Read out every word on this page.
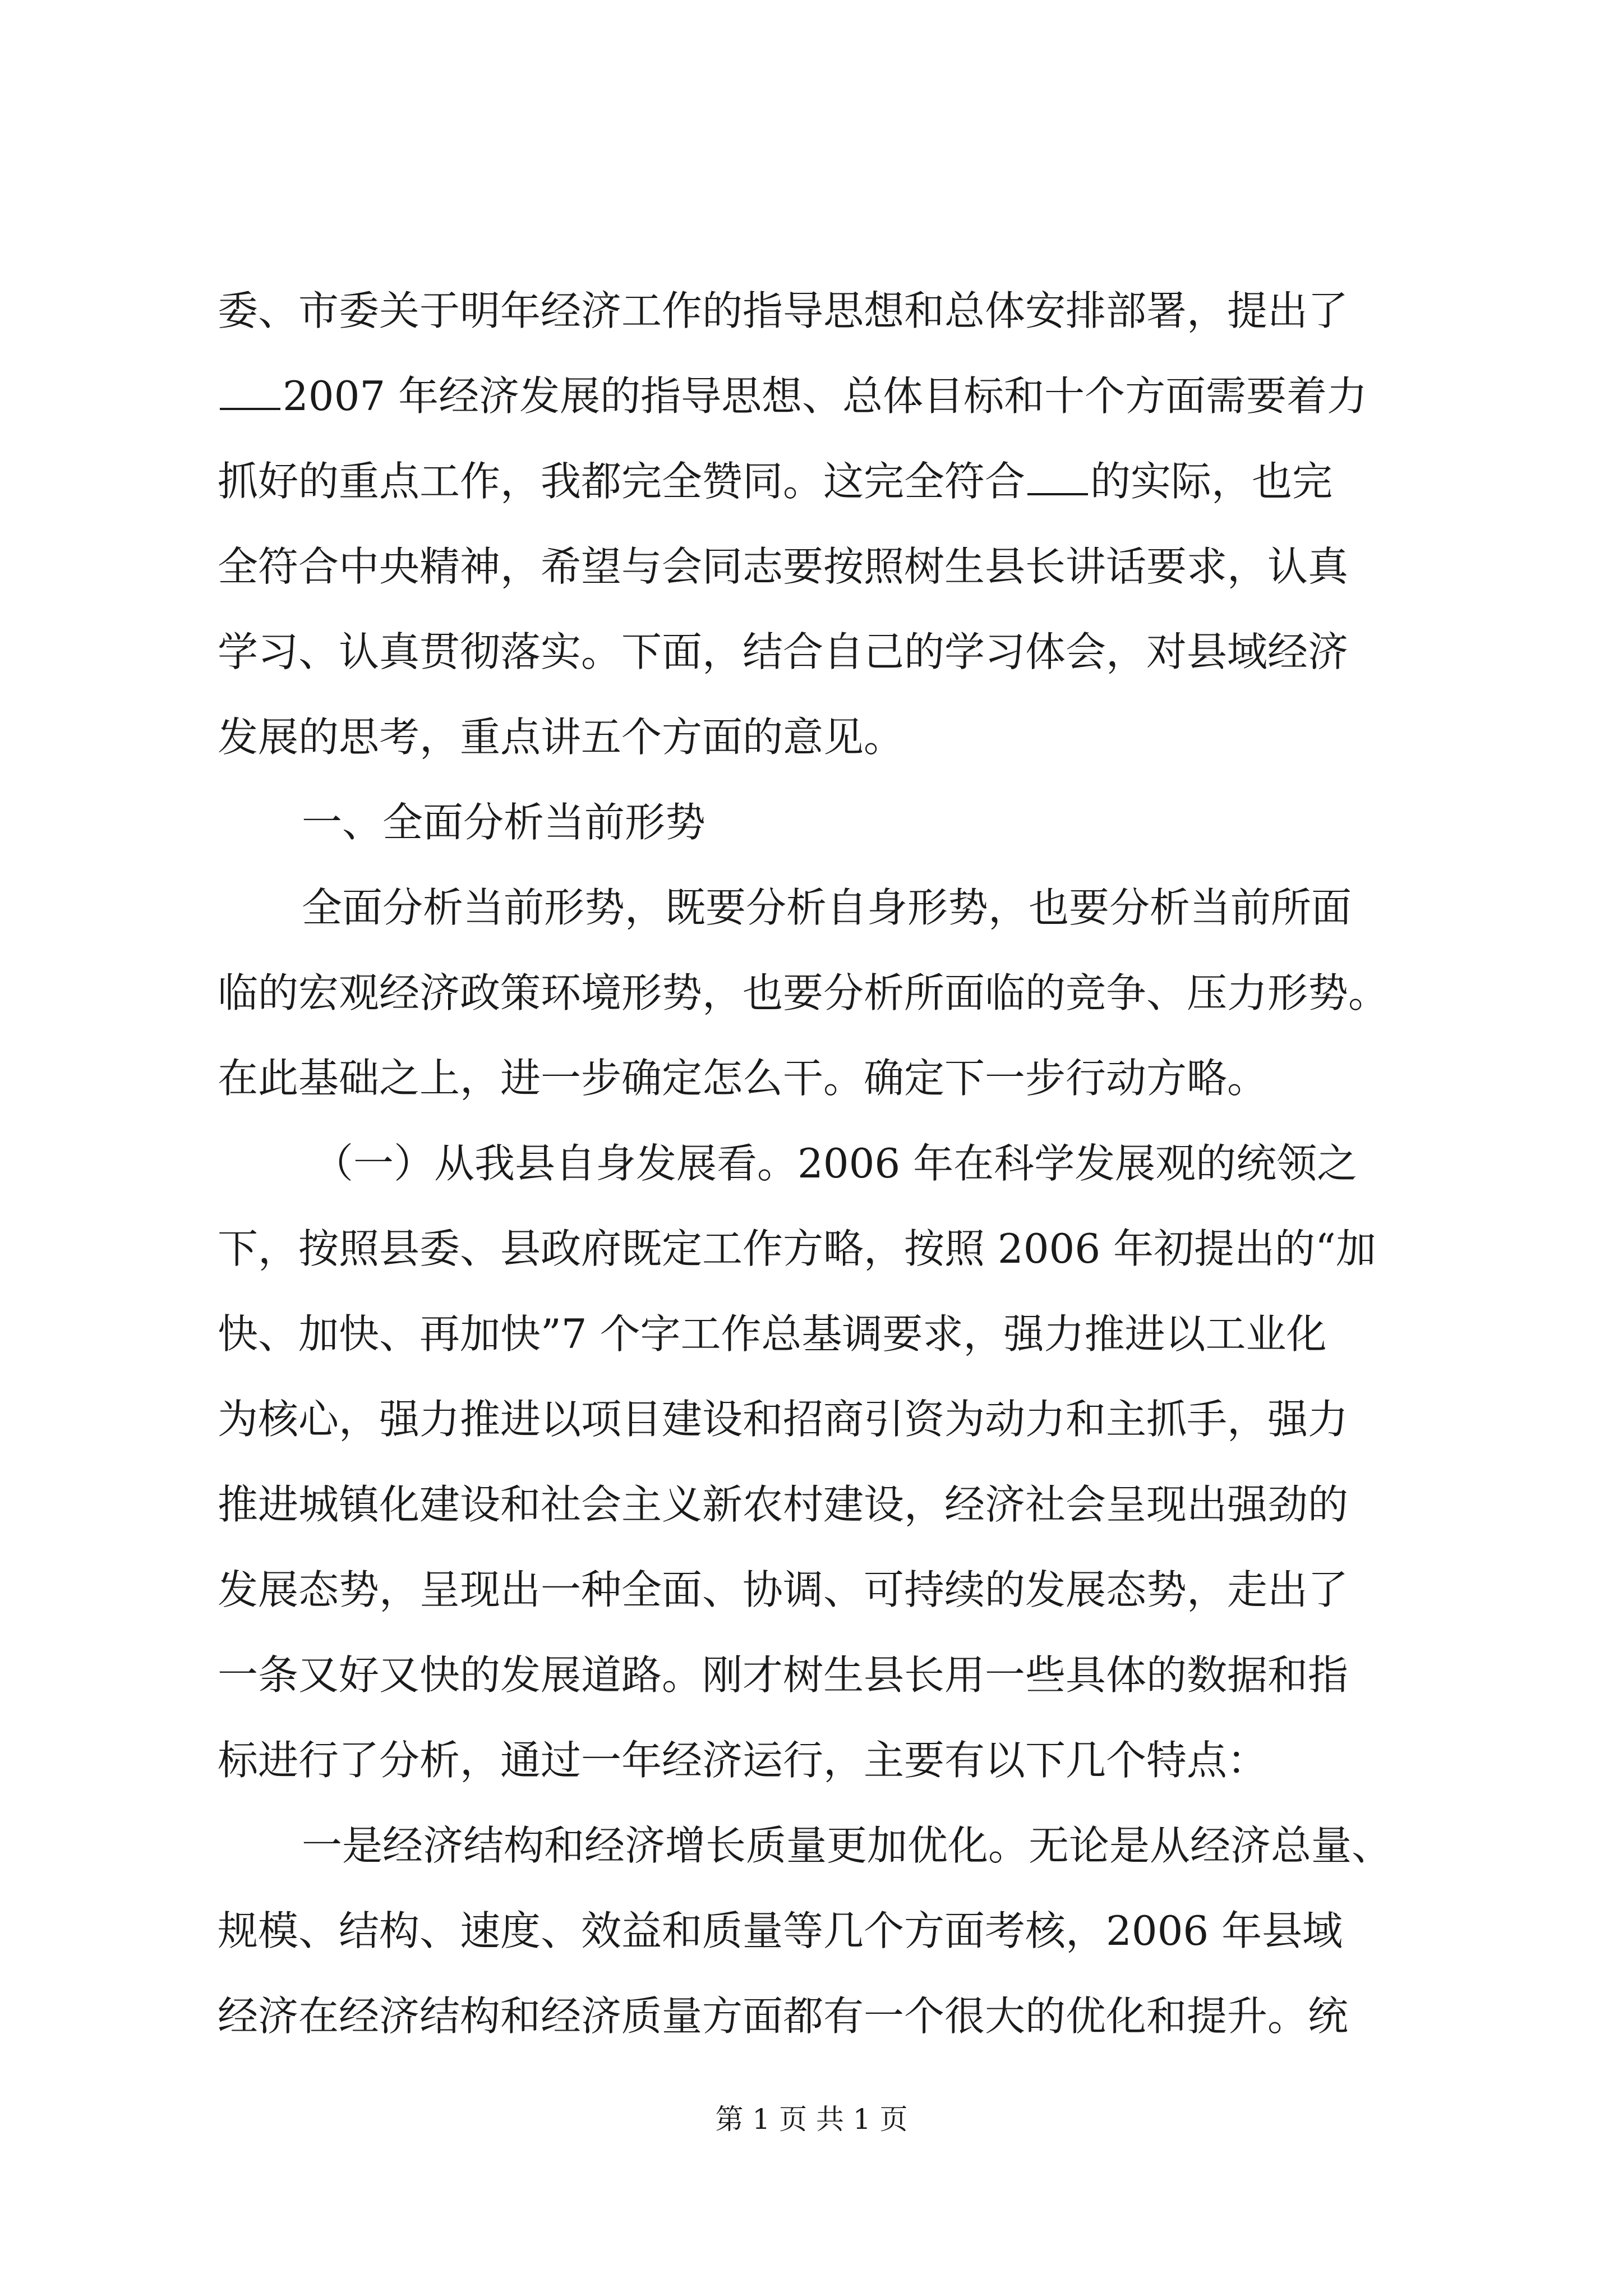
委、市委关于明年经济工作的指导思想和总体安排部署，提出了
2007 年经济发展的指导思想、总体目标和十个方面需要着力
抓好的重点工作，我都完全赞同。这完全符合 的实际，也完
全符合中央精神，希望与会同志要按照树生县长讲话要求，认真
学习、认真贯彻落实。下面，结合自己的学习体会，对县域经济
发展的思考，重点讲五个方面的意见。
一、全面分析当前形势
全面分析当前形势，既要分析自身形势，也要分析当前所面
临的宏观经济政策环境形势，也要分析所面临的竞争、压力形势。
在此基础之上，进一步确定怎么干。确定下一步行动方略。
（一）从我县自身发展看。2006 年在科学发展观的统领之
下，按照县委、县政府既定工作方略，按照 2006 年初提出的“加
快、加快、再加快”7 个字工作总基调要求，强力推进以工业化
为核心，强力推进以项目建设和招商引资为动力和主抓手，强力
推进城镇化建设和社会主义新农村建设，经济社会呈现出强劲的
发展态势，呈现出一种全面、协调、可持续的发展态势，走出了
一条又好又快的发展道路。刚才树生县长用一些具体的数据和指
标进行了分析，通过一年经济运行，主要有以下几个特点：
一是经济结构和经济增长质量更加优化。无论是从经济总量、
规模、结构、速度、效益和质量等几个方面考核，2006 年县域
经济在经济结构和经济质量方面都有一个很大的优化和提升。统
第 1 页 共 1 页
